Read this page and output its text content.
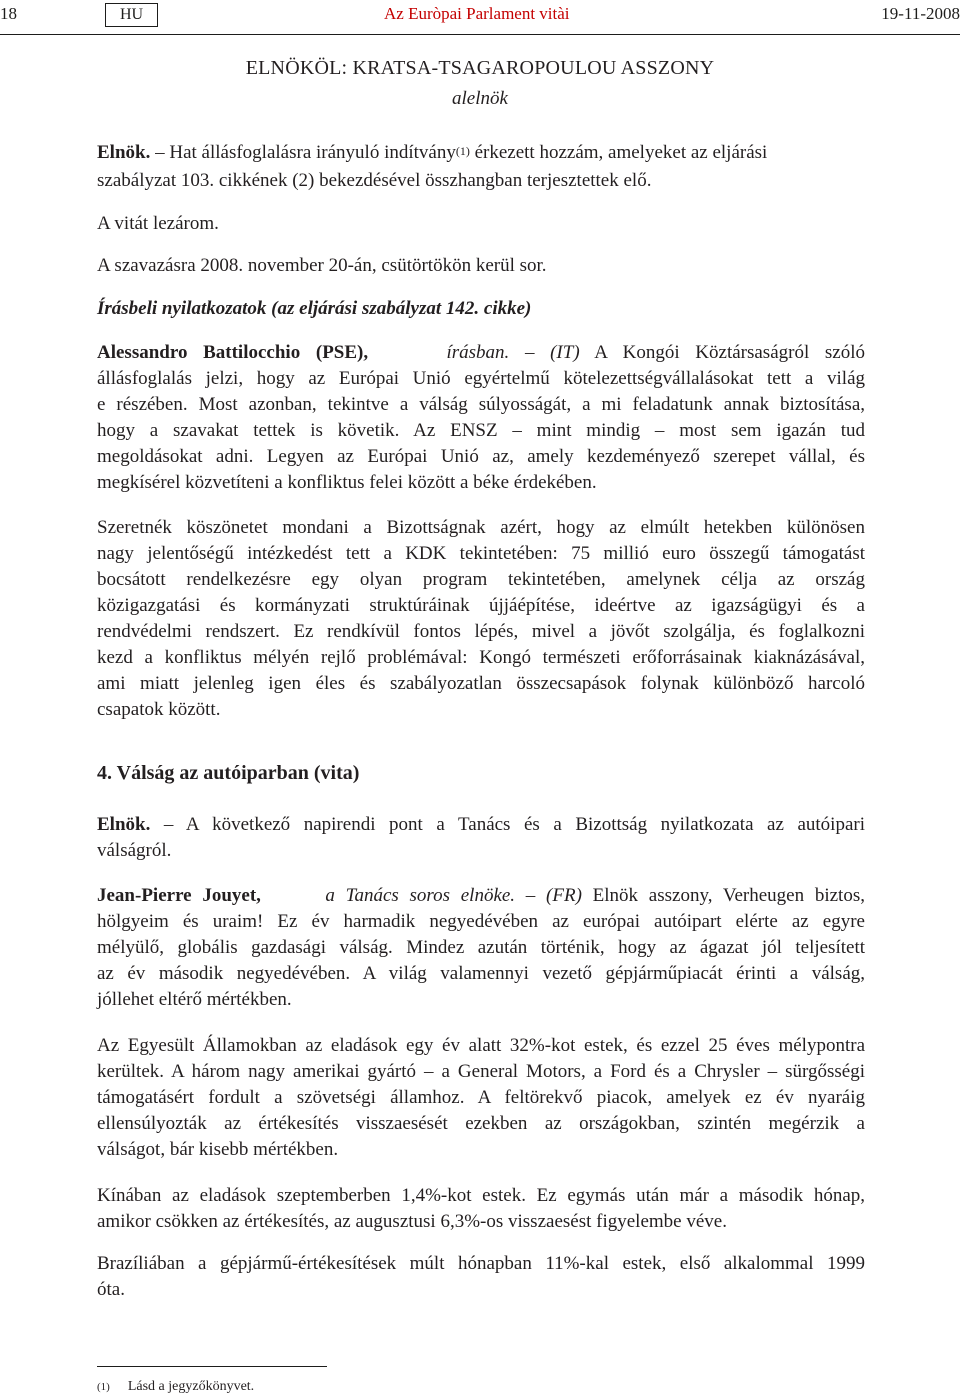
18	HU	Az Euròpai Parlament vitài	19-11-2008
ELNÖKÖL: KRATSA-TSAGAROPOULOU ASSZONY
alelnök
Elnök. – Hat állásfoglalásra irányuló indítvány$^{(1)}$ érkezett hozzám, amelyeket az eljárási
szabályzat 103. cikkének (2) bekezdésével összhangban terjesztettek elő.
A vitát lezárom.
A szavazásra 2008. november 20-án, csütörtökön kerül sor.
Írásbeli nyilatkozatok (az eljárási szabályzat 142. cikke)
Alessandro Battilocchio (PSE),	írásban. – (IT) A Kongói Köztársaságról szóló
állásfoglalás jelzi, hogy az Európai Unió egyértelmű kötelezettségvállalásokat tett a világ
e részében. Most azonban, tekintve a válság súlyosságát, a mi feladatunk annak biztosítása,
hogy a szavakat tettek is követik. Az ENSZ – mint mindig – most sem igazán tud
megoldásokat adni. Legyen az Európai Unió az, amely kezdeményező szerepet vállal, és
megkísérel közvetíteni a konfliktus felei között a béke érdekében.
Szeretnék köszönetet mondani a Bizottságnak azért, hogy az elmúlt hetekben különösen
nagy jelentőségű intézkedést tett a KDK tekintetében: 75 millió euro összegű támogatást
bocsátott rendelkezésre egy olyan program tekintetében, amelynek célja az ország
közigazgatási és kormányzati struktúráinak újjáépítése, ideértve az igazságügyi és a
rendvédelmi rendszert. Ez rendkívül fontos lépés, mivel a jövőt szolgálja, és foglalkozni
kezd a konfliktus mélyén rejlő problémával: Kongó természeti erőforrásainak kiaknázásával,
ami miatt jelenleg igen éles és szabályozatlan összecsapások folynak különböző harcoló
csapatok között.
4. Válság az autóiparban (vita)
Elnök. – A következő napirendi pont a Tanács és a Bizottság nyilatkozata az autóipari
válságról.
Jean-Pierre Jouyet,	a Tanács soros elnöke. – (FR) Elnök asszony, Verheugen biztos,
hölgyeim és uraim! Ez év harmadik negyedévében az európai autóipart elérte az egyre
mélyülő, globális gazdasági válság. Mindez azután történik, hogy az ágazat jól teljesített
az év második negyedévében. A világ valamennyi vezető gépjárműpiacát érinti a válság,
jóllehet eltérő mértékben.
Az Egyesült Államokban az eladások egy év alatt 32%-kot estek, és ezzel 25 éves mélypontra
kerültek. A három nagy amerikai gyártó – a General Motors, a Ford és a Chrysler – sürgősségi
támogatásért fordult a szövetségi államhoz. A feltörekvő piacok, amelyek ez év nyaráig
ellensúlyozták az értékesítés visszaesését ezekben az országokban, szintén megérzik a
válságot, bár kisebb mértékben.
Kínában az eladások szeptemberben 1,4%-kot estek. Ez egymás után már a második hónap,
amikor csökken az értékesítés, az augusztusi 6,3%-os visszaesést figyelembe véve.
Brazíliában a gépjármű-értékesítések múlt hónapban 11%-kal estek, első alkalommal 1999
óta.
(1) Lásd a jegyzőkönyvet.
